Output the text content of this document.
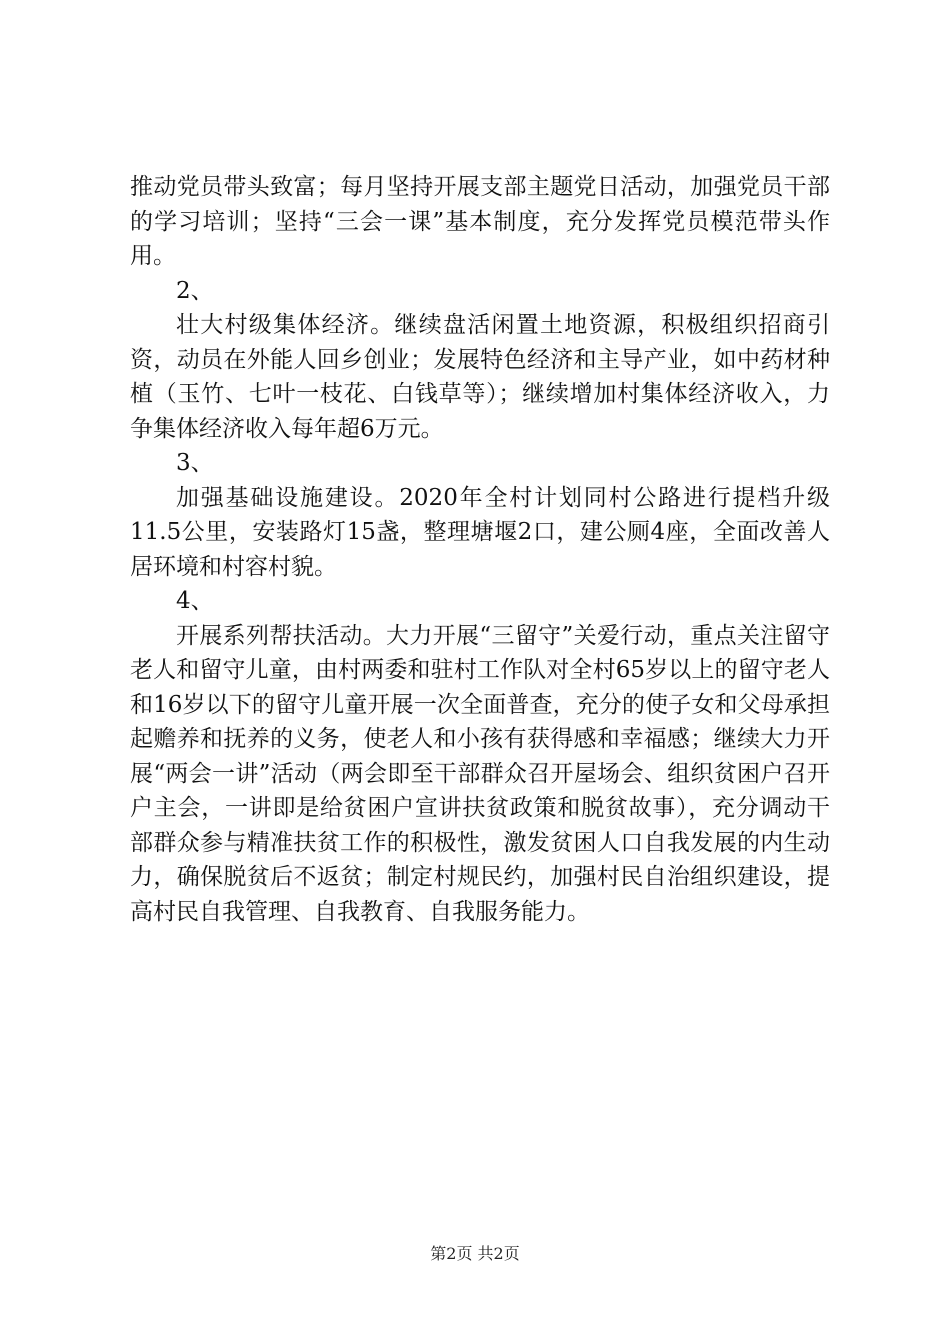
推动党员带头致富；每月坚持开展支部主题党日活动，加强党员干部的学习培训；坚持“三会一课”基本制度，充分发挥党员模范带头作用。

2、

壮大村级集体经济。继续盘活闲置土地资源，积极组织招商引资，动员在外能人回乡创业；发展特色经济和主导产业，如中药材种植（玉竹、七叶一枝花、白钱草等）；继续增加村集体经济收入，力争集体经济收入每年超6万元。

3、

加强基础设施建设。2020年全村计划同村公路进行提档升级11.5公里，安装路灯15盏，整理塘堰2口，建公厕4座，全面改善人居环境和村容村貌。

4、

开展系列帮扶活动。大力开展“三留守”关爱行动，重点关注留守老人和留守儿童，由村两委和驻村工作队对全村65岁以上的留守老人和16岁以下的留守儿童开展一次全面普查，充分的使子女和父母承担起赡养和抚养的义务，使老人和小孩有获得感和幸福感；继续大力开展“两会一讲”活动（两会即至干部群众召开屋场会、组织贫困户召开户主会，一讲即是给贫困户宣讲扶贫政策和脱贫故事），充分调动干部群众参与精准扶贫工作的积极性，激发贫困人口自我发展的内生动力，确保脱贫后不返贫；制定村规民约，加强村民自治组织建设，提高村民自我管理、自我教育、自我服务能力。

第2页 共2页
